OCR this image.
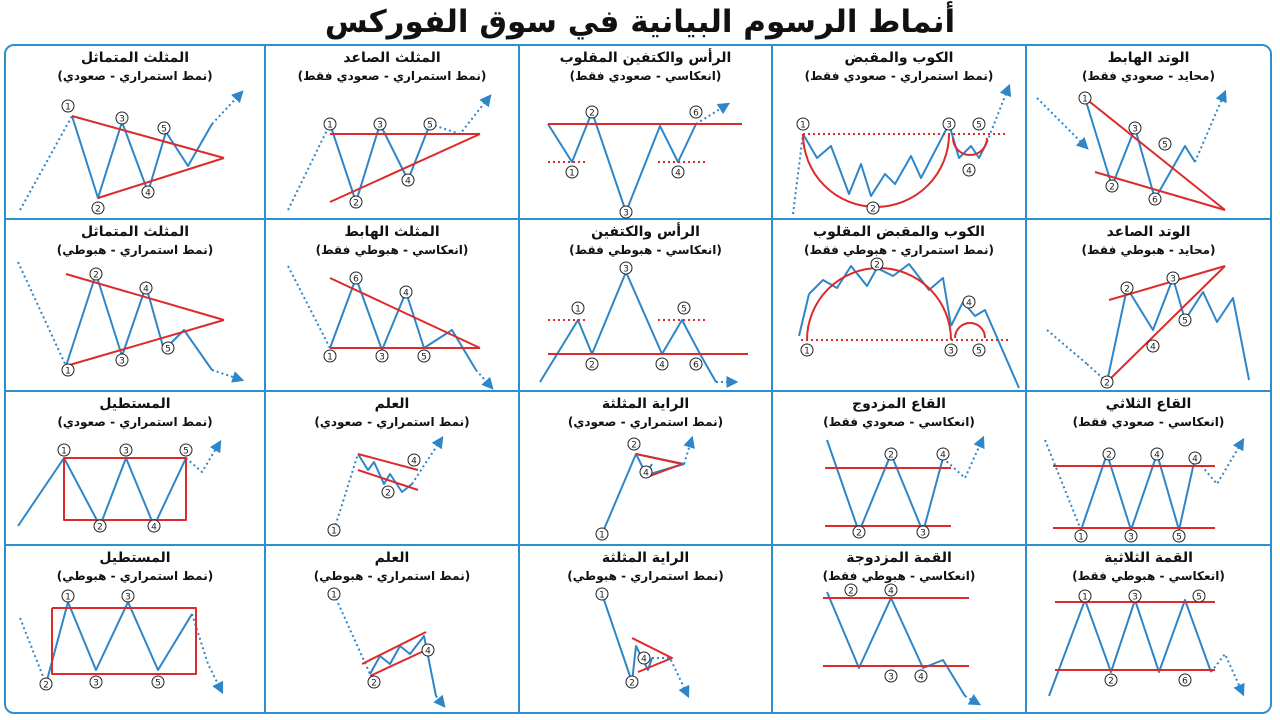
أنماط الرسوم البيانية في سوق الفوركس
1
2
3
6
5
الوتد الهابط
(محايد - صعودي فقط)
1
2
3
4
5
الكوب والمقبض
(نمط استمراري - صعودي فقط)
1
2
3
4
6
الرأس والكتفين المقلوب
(انعكاسي - صعودي فقط)
1
2
3
4
5
المثلث الصاعد
(نمط استمراري - صعودي فقط)
1
2
3
4
5
المثلث المتماثل
(نمط استمراري - صعودي)
2
2
4
3
5
الوتد الصاعد
(محايد - هبوطي فقط)
1
2
3
4
5
الكوب والمقبض المقلوب
(نمط استمراري - هبوطي فقط)
1
2
3
4
5
6
الرأس والكتفين
(انعكاسي - هبوطي فقط)
1
6
3
4
5
المثلث الهابط
(انعكاسي - هبوطي فقط)
1
2
3
4
5
المثلث المتماثل
(نمط استمراري - هبوطي)
1
2
3
4
5
4
القاع الثلاثي
(انعكاسي - صعودي فقط)
2
2
3
4
القاع المزدوج
(انعكاسي - صعودي فقط)
1
2
4
الراية المثلثة
(نمط استمراري - صعودي)
1
2
4
العلم
(نمط استمراري - صعودي)
1
2
3
4
5
المستطيل
(نمط استمراري - صعودي)
1
2
3
6
5
القمة الثلاثية
(انعكاسي - هبوطي فقط)
2	4
3	4
القمة المزدوجة
(انعكاسي - هبوطي فقط)
1
2
4
الراية المثلثة
(نمط استمراري - هبوطي)
1
2
4
العلم
(نمط استمراري - هبوطي)
2
1
3
3
5
المستطيل
(نمط استمراري - هبوطي)
